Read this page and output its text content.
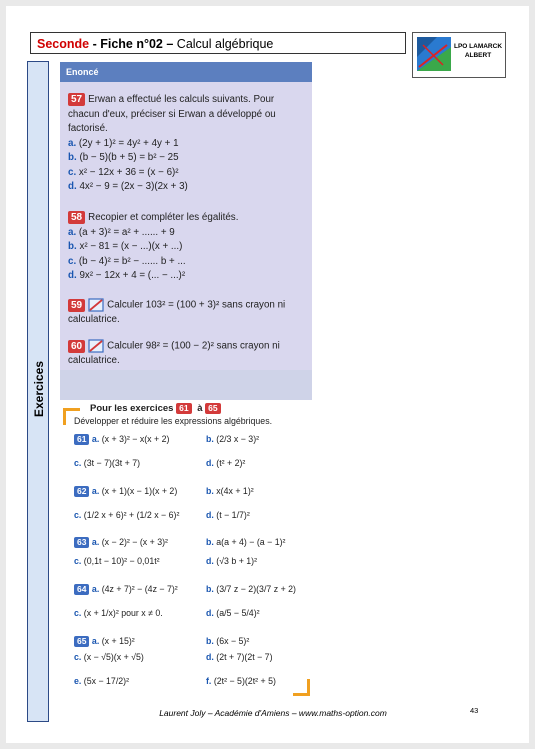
Seconde - Fiche n°02 – Calcul algébrique	LPO LAMARCK
ALBERT
Exercices
Enoncé
57 Erwan a effectué les calculs suivants. Pour chacun d'eux, préciser si Erwan a développé ou factorisé.
a. (2y + 1)² = 4y² + 4y + 1
b. (b − 5)(b + 5) = b² − 25
c. x² − 12x + 36 = (x − 6)²
d. 4x² − 9 = (2x − 3)(2x + 3)
58 Recopier et compléter les égalités.
a. (a + 3)² = a² + ...... + 9
b. x² − 81 = (x − ...)(x + ...)
c. (b − 4)² = b² − ...... b + ...
d. 9x² − 12x + 4 = (... − ...)²
59	Calculer 103² = (100 + 3)² sans crayon ni calculatrice.
60	Calculer 98² = (100 − 2)² sans crayon ni calculatrice.
Pour les exercices 61 à 65
Développer et réduire les expressions algébriques.
61 a. (x + 3)² − x(x + 2)	b. (2/3 x − 3)²
c. (3t − 7)(3t + 7)	d. (t² + 2)²
62 a. (x + 1)(x − 1)(x + 2)	b. x(4x + 1)²
c. (1/2 x + 6)² + (1/2 x − 6)²	d. (t − 1/7)²
63 a. (x − 2)² − (x + 3)²	b. a(a + 4) − (a − 1)²
c. (0,1t − 10)² − 0,01t²	d. (√3 b + 1)²
64 a. (4z + 7)² − (4z − 7)²	b. (3/7 z − 2)(3/7 z + 2)
c. (x + 1/x)² pour x ≠ 0.	d. (a/5 − 5/4)²
65 a. (x + 15)²	b. (6x − 5)²
c. (x − √5)(x + √5)	d. (2t + 7)(2t − 7)
e. (5x − 17/2)²	f. (2t² − 5)(2t² + 5)
Laurent Joly – Académie d'Amiens – www.maths-option.com	43
